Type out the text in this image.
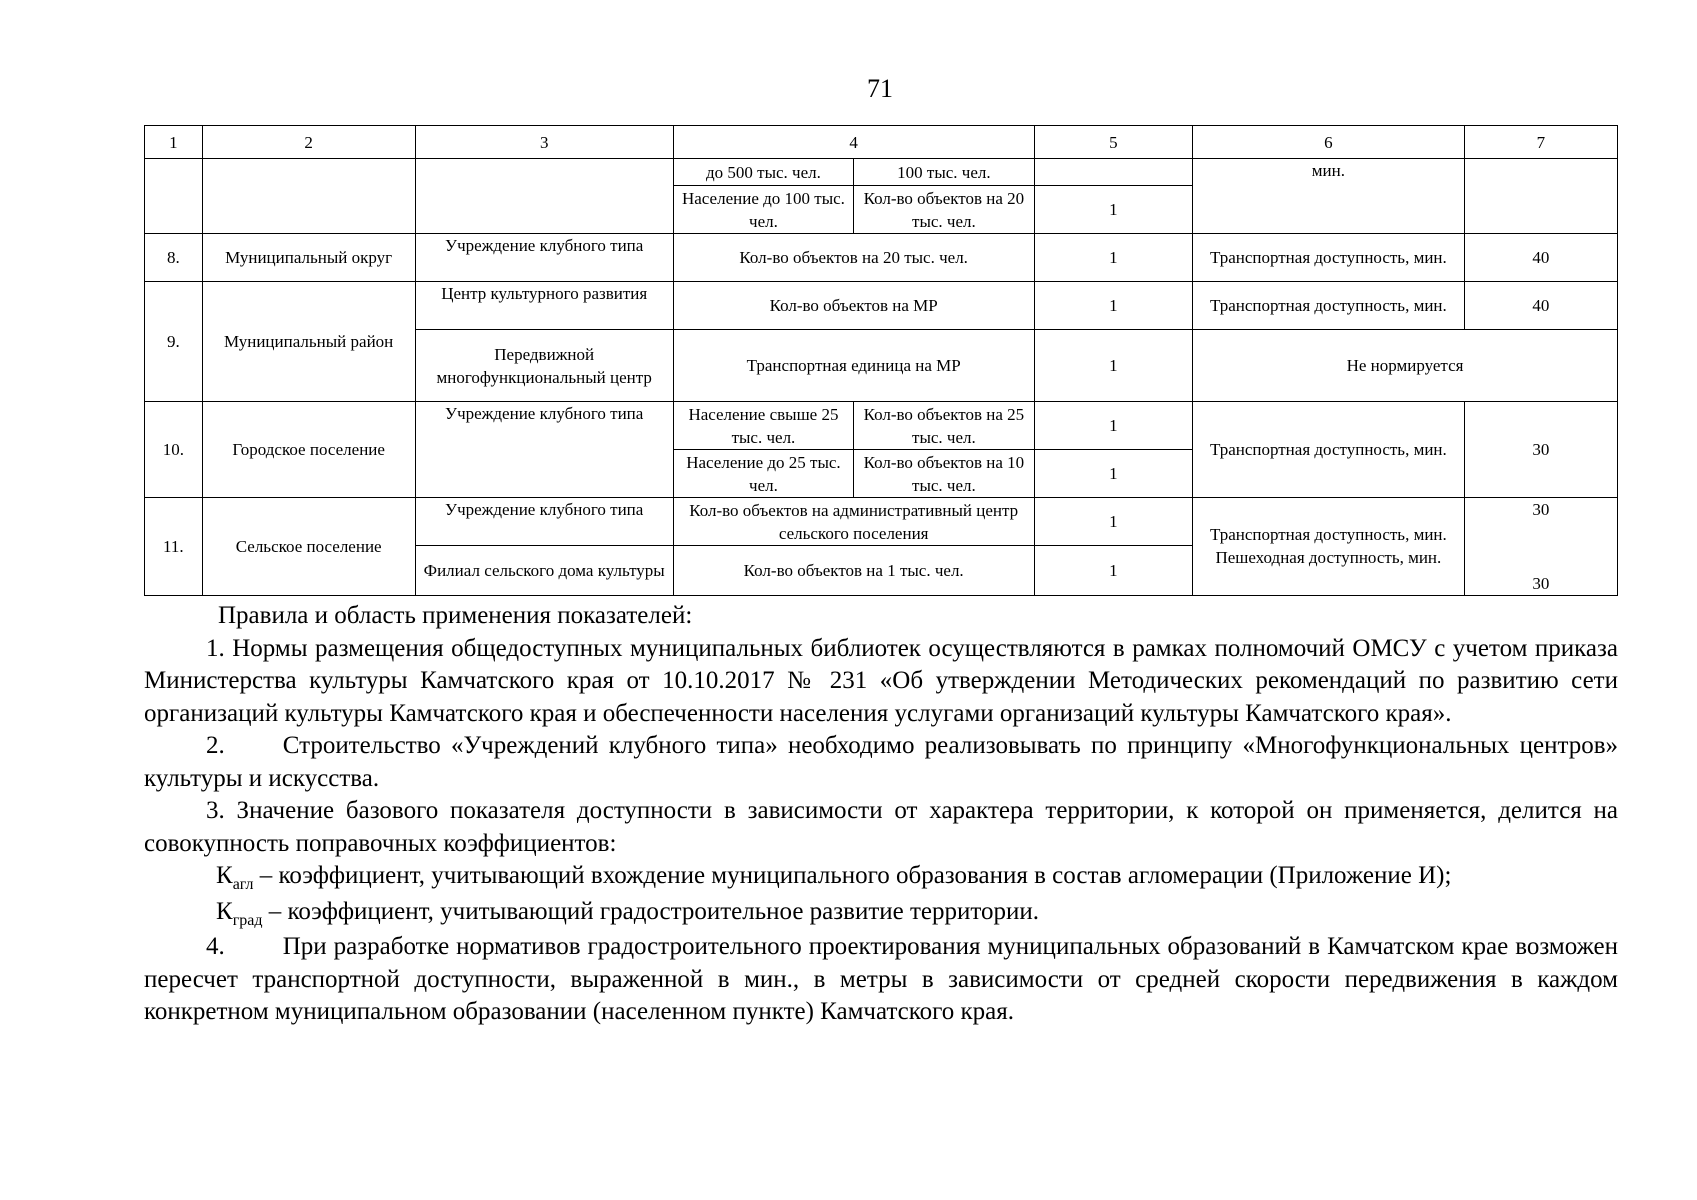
71
1	2	3	4		5	6	7
			до 500 тыс. чел.	100 тыс. чел.		мин.	
			Население до 100 тыс. чел.	Кол-во объектов на 20 тыс. чел.	1		
8.	Муниципальный округ	Учреждение клубного типа	Кол-во объектов на 20 тыс. чел.		1	Транспортная доступность, мин.	40
9.	Муниципальный район	Центр культурного развития	Кол-во объектов на МР		1	Транспортная доступность, мин.	40
		Передвижной многофункциональный центр	Транспортная единица на МР		1	Не нормируется	
10.	Городское поселение	Учреждение клубного типа	Население свыше 25 тыс. чел.	Кол-во объектов на 25 тыс. чел.	1	Транспортная доступность, мин.	30
			Население до 25 тыс. чел.	Кол-во объектов на 10 тыс. чел.	1		
11.	Сельское поселение	Учреждение клубного типа	Кол-во объектов на административный центр сельского поселения		1	Транспортная доступность, мин.	30
		Филиал сельского дома культуры	Кол-во объектов на 1 тыс. чел.		1	Пешеходная доступность, мин.	30

Правила и область применения показателей:

1. Нормы размещения общедоступных муниципальных библиотек осуществляются в рамках полномочий ОМСУ с учетом приказа Министерства культуры Камчатского края от 10.10.2017 № 231 «Об утверждении Методических рекомендаций по развитию сети организаций культуры Камчатского края и обеспеченности населения услугами организаций культуры Камчатского края».

2. Строительство «Учреждений клубного типа» необходимо реализовывать по принципу «Многофункциональных центров» культуры и искусства.

3. Значение базового показателя доступности в зависимости от характера территории, к которой он применяется, делится на совокупность поправочных коэффициентов:

$К_{агл}$ – коэффициент, учитывающий вхождение муниципального образования в состав агломерации (Приложение И);

$К_{град}$ – коэффициент, учитывающий градостроительное развитие территории.

4. При разработке нормативов градостроительного проектирования муниципальных образований в Камчатском крае возможен пересчет транспортной доступности, выраженной в мин., в метры в зависимости от средней скорости передвижения в каждом конкретном муниципальном образовании (населенном пункте) Камчатского края.
